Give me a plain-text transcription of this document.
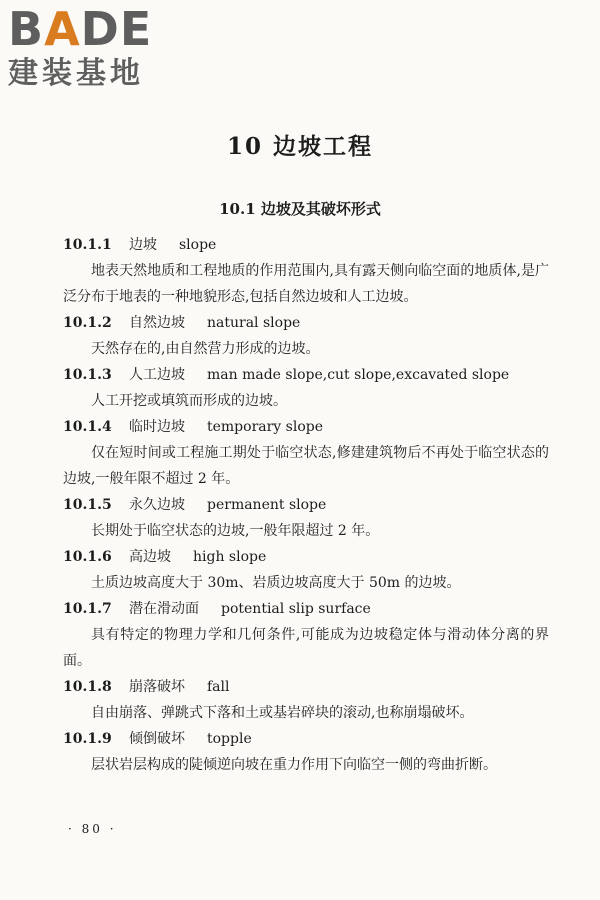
BADE
建装基地
10 边坡工程
10.1 边坡及其破坏形式
10.1.1 边坡 slope

地表天然地质和工程地质的作用范围内,具有露天侧向临空面的地质体,是广泛分布于地表的一种地貌形态,包括自然边坡和人工边坡。

10.1.2 自然边坡 natural slope

天然存在的,由自然营力形成的边坡。

10.1.3 人工边坡 man made slope,cut slope,excavated slope

人工开挖或填筑而形成的边坡。

10.1.4 临时边坡 temporary slope

仅在短时间或工程施工期处于临空状态,修建建筑物后不再处于临空状态的边坡,一般年限不超过 2 年。

10.1.5 永久边坡 permanent slope

长期处于临空状态的边坡,一般年限超过 2 年。

10.1.6 高边坡 high slope

土质边坡高度大于 30m、岩质边坡高度大于 50m 的边坡。

10.1.7 潜在滑动面 potential slip surface

具有特定的物理力学和几何条件,可能成为边坡稳定体与滑动体分离的界面。

10.1.8 崩落破坏 fall

自由崩落、弹跳式下落和土或基岩碎块的滚动,也称崩塌破坏。

10.1.9 倾倒破坏 topple

层状岩层构成的陡倾逆向坡在重力作用下向临空一侧的弯曲折断。

· 80 ·
